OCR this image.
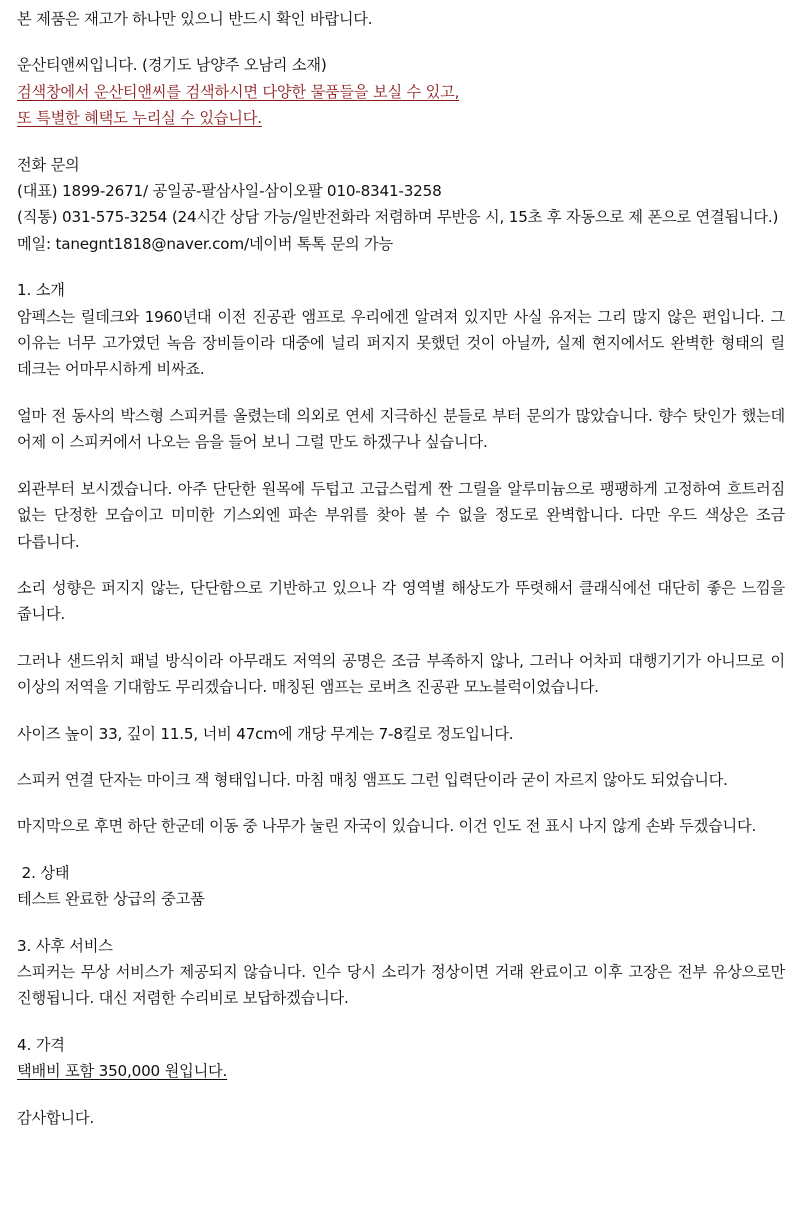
본 제품은 재고가 하나만 있으니 반드시 확인 바랍니다.
운산티앤씨입니다. (경기도 남양주 오남리 소재)
검색창에서 운산티앤씨를 검색하시면 다양한 물품들을 보실 수 있고,
또 특별한 혜택도 누리실 수 있습니다.
전화 문의
(대표) 1899-2671/ 공일공-팔삼사일-삼이오팔 010-8341-3258
(직통) 031-575-3254 (24시간 상담 가능/일반전화라 저렴하며 무반응 시, 15초 후 자동으로 제 폰으로 연결됩니다.)
메일: tanegnt1818@naver.com/네이버 톡톡 문의 가능
1. 소개
암펙스는 릴데크와 1960년대 이전 진공관 앰프로 우리에겐 알려져 있지만 사실 유저는 그리 많지 않은 편입니다. 그 이유는 너무 고가였던 녹음 장비들이라 대중에 널리 퍼지지 못했던 것이 아닐까, 실제 현지에서도 완벽한 형태의 릴 데크는 어마무시하게 비싸죠.
얼마 전 동사의 박스형 스피커를 올렸는데 의외로 연세 지극하신 분들로 부터 문의가 많았습니다. 향수 탓인가 했는데 어제 이 스피커에서 나오는 음을 들어 보니 그럴 만도 하겠구나 싶습니다.
외관부터 보시겠습니다. 아주 단단한 원목에 두텁고 고급스럽게 짠 그릴을 알루미늄으로 팽팽하게 고정하여 흐트러짐 없는 단정한 모습이고 미미한 기스외엔 파손 부위를 찾아 볼 수 없을 정도로 완벽합니다. 다만 우드 색상은 조금 다릅니다.
소리 성향은 퍼지지 않는, 단단함으로 기반하고 있으나 각 영역별 해상도가 뚜렷해서 클래식에선 대단히 좋은 느낌을 줍니다.
그러나 샌드위치 패널 방식이라 아무래도 저역의 공명은 조금 부족하지 않나, 그러나 어차피 대행기기가 아니므로 이 이상의 저역을 기대함도 무리겠습니다. 매칭된 앰프는 로버츠 진공관 모노블럭이었습니다.
사이즈 높이 33, 깊이 11.5, 너비 47cm에 개당 무게는 7-8킬로 정도입니다.
스피커 연결 단자는 마이크 잭 형태입니다. 마침 매칭 앰프도 그런 입력단이라 굳이 자르지 않아도 되었습니다.
마지막으로 후면 하단 한군데 이동 중 나무가 눌린 자국이 있습니다. 이건 인도 전 표시 나지 않게 손봐 두겠습니다.
2. 상태
테스트 완료한 상급의 중고품
3. 사후 서비스
스피커는 무상 서비스가 제공되지 않습니다. 인수 당시 소리가 정상이면 거래 완료이고 이후 고장은 전부 유상으로만 진행됩니다. 대신 저렴한 수리비로 보답하겠습니다.
4. 가격
택배비 포함 350,000 원입니다.
감사합니다.
